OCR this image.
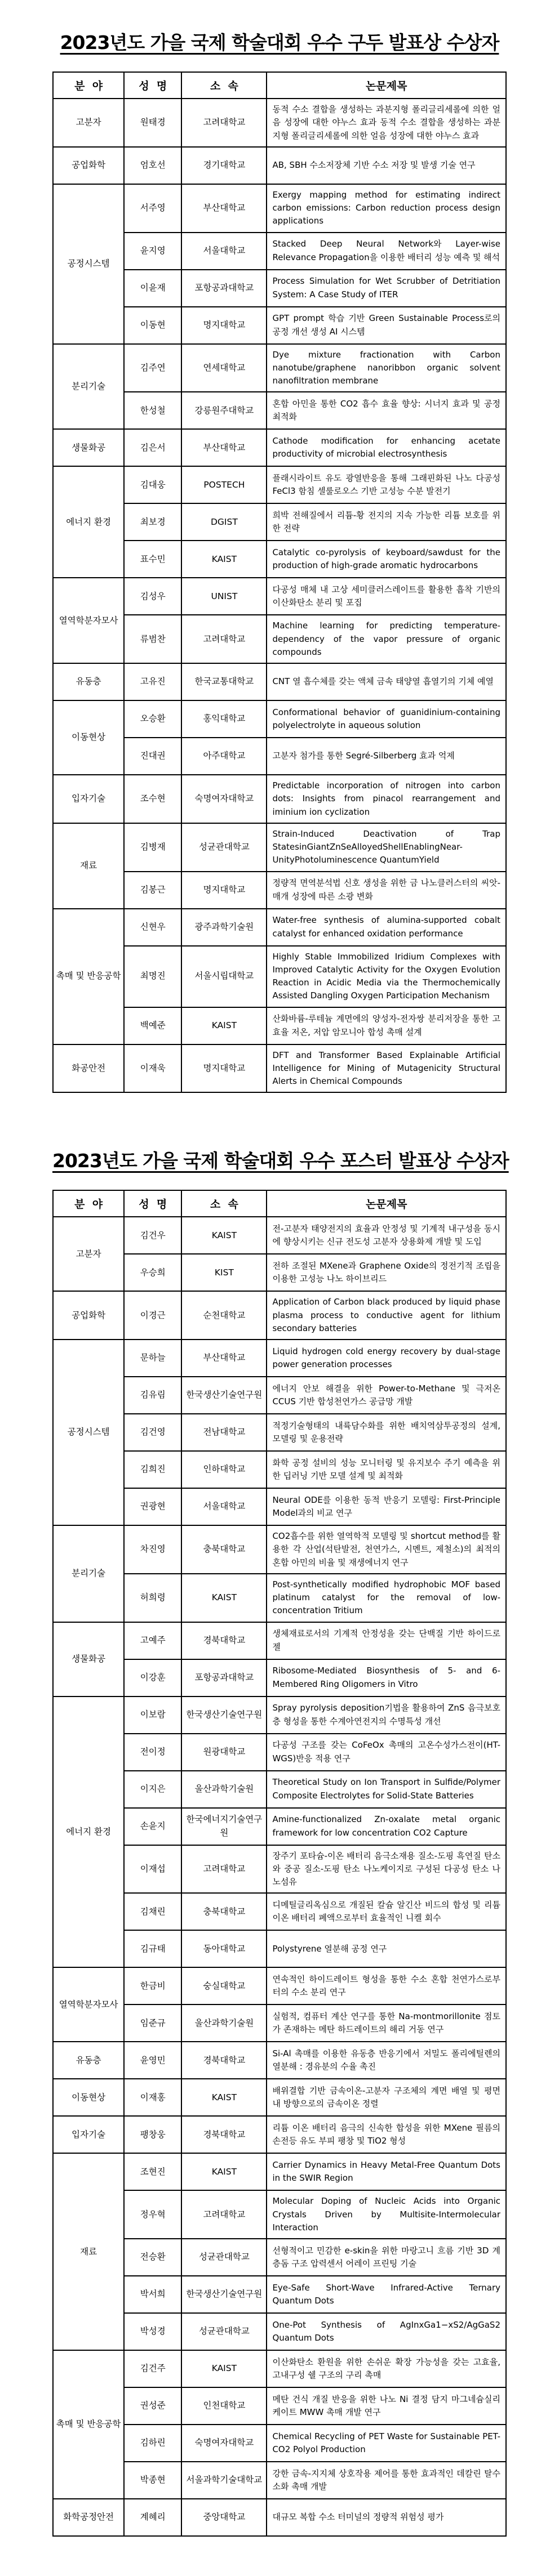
2023년도 가을 국제 학술대회 우수 구두 발표상 수상자
분  야	성  명	소  속	논문제목
고분자	원태경	고려대학교	동적 수소 결합을 생성하는 과분지형 폴리글리세롤에 의한 얼음 성장에 대한 야누스 효과 동적 수소 결합을 생성하는 과분지형 폴리글리세롤에 의한 얼음 성장에 대한 야누스 효과
공업화학	엄호선	경기대학교	AB, SBH 수소저장체 기반 수소 저장 및 발생 기술 연구
공정시스템	서주영	부산대학교	Exergy mapping method for estimating indirect carbon emissions: Carbon reduction process design applications
	윤지영	서울대학교	Stacked Deep Neural Network와 Layer-wise Relevance Propagation을 이용한 배터리 성능 예측 및 해석
	이윤재	포항공과대학교	Process Simulation for Wet Scrubber of Detritiation System: A Case Study of ITER
	이동현	명지대학교	GPT prompt 학습 기반 Green Sustainable Process로의 공정 개선 생성 AI 시스템
분리기술	김주연	연세대학교	Dye mixture fractionation with Carbon nanotube/graphene nanoribbon organic solvent nanofiltration membrane
	한성철	강릉원주대학교	혼합 아민을 통한 CO2 흡수 효율 향상: 시너지 효과 및 공정 최적화
생물화공	김은서	부산대학교	Cathode modification for enhancing acetate productivity of microbial electrosynthesis
에너지 환경	김대웅	POSTECH	플래시라이트 유도 광열반응을 통해 그래핀화된 나노 다공성 FeCl3 함침 셀룰로오스 기반 고성능 수분 발전기
	최보경	DGIST	희박 전해질에서 리튬-황 전지의 지속 가능한 리튬 보호를 위한 전략
	표수민	KAIST	Catalytic co-pyrolysis of keyboard/sawdust for the production of high-grade aromatic hydrocarbons
열역학분자모사	김성우	UNIST	다공성 매체 내 고상 세미클러스레이트를 활용한 흡착 기반의 이산화탄소 분리 및 포집
	류범찬	고려대학교	Machine learning for predicting temperature-dependency of the vapor pressure of organic compounds
유동층	고유진	한국교통대학교	CNT 열 흡수체를 갖는 액체 금속 태양열 흡열기의 기체 예열
이동현상	오승환	홍익대학교	Conformational behavior of guanidinium-containing polyelectrolyte in aqueous solution
	진대권	아주대학교	고분자 첨가를 통한 Segré-Silberberg 효과 억제
입자기술	조수현	숙명여자대학교	Predictable incorporation of nitrogen into carbon dots: Insights from pinacol rearrangement and iminium ion cyclization
재료	김병재	성균관대학교	Strain-Induced Deactivation of Trap StatesinGiantZnSeAlloyedShellEnablingNear-UnityPhotoluminescence QuantumYield
	김봉근	명지대학교	정량적 면역분석법 신호 생성을 위한 금 나노클러스터의 씨앗-매개 성장에 따른 소광 변화
촉매 및 반응공학	신현우	광주과학기술원	Water-free synthesis of alumina-supported cobalt catalyst for enhanced oxidation performance
	최명진	서울시립대학교	Highly Stable Immobilized Iridium Complexes with Improved Catalytic Activity for the Oxygen Evolution Reaction in Acidic Media via the Thermochemically Assisted Dangling Oxygen Participation Mechanism
	백예준	KAIST	산화바륨-루테늄 계면에의 양성자-전자쌍 분리저장을 통한 고효율 저온, 저압 암모니아 합성 촉매 설계
화공안전	이재욱	명지대학교	DFT and Transformer Based Explainable Artificial Intelligence for Mining of Mutagenicity Structural Alerts in Chemical Compounds
2023년도 가을 국제 학술대회 우수 포스터 발표상 수상자
분  야	성  명	소  속	논문제목
고분자	김건우	KAIST	전-고분자 태양전지의 효율과 안정성 및 기계적 내구성을 동시에 향상시키는 신규 전도성 고분자 상용화제 개발 및 도입
	우승희	KIST	전하 조절된 MXene과 Graphene Oxide의 정전기적 조립을 이용한 고성능 나노 하이브리드
공업화학	이경근	순천대학교	Application of Carbon black produced by liquid phase plasma process to conductive agent for lithium secondary batteries
공정시스템	문하늘	부산대학교	Liquid hydrogen cold energy recovery by dual-stage power generation processes
	김유림	한국생산기술연구원	에너지 안보 해결을 위한 Power-to-Methane 및 극저온 CCUS 기반 합성천연가스 공급망 개발
	김건영	전남대학교	적정기술형태의 내륙담수화를 위한 배치역삼투공정의 설계, 모델링 및 운용전략
	김희진	인하대학교	화학 공정 설비의 성능 모니터링 및 유지보수 주기 예측을 위한 딥러닝 기반 모델 설계 및 최적화
	권광현	서울대학교	Neural ODE를 이용한 동적 반응기 모델링: First-Principle Model과의 비교 연구
분리기술	차진영	충북대학교	CO2흡수를 위한 열역학적 모델링 및 shortcut method를 활용한 각 산업(석탄발전, 천연가스, 시멘트, 제철소)의 최적의 혼합 아민의 비율 및 재생에너지 연구
	허희령	KAIST	Post-synthetically modified hydrophobic MOF based platinum catalyst for the removal of low-concentration Tritium
생물화공	고예주	경북대학교	생체재료로서의 기계적 안정성을 갖는 단백질 기반 하이드로젤
	이강훈	포항공과대학교	Ribosome-Mediated Biosynthesis of 5- and 6-Membered Ring Oligomers in Vitro
에너지 환경	이보람	한국생산기술연구원	Spray pyrolysis deposition기법을 활용하여 ZnS 음극보호층 형성을 통한 수계아연전지의 수명특성 개선
	전이정	원광대학교	다공성 구조를 갖는 CoFeOx 촉매의 고온수성가스전이(HT-WGS)반응 적용 연구
	이지은	울산과학기술원	Theoretical Study on Ion Transport in Sulfide/Polymer Composite Electrolytes for Solid-State Batteries
	손윤지	한국에너지기술연구원	Amine-functionalized Zn-oxalate metal organic framework for low concentration CO2 Capture
	이재섭	고려대학교	장주기 포타슘-이온 배터리 음극소재용 질소-도핑 흑연질 탄소와 중공 질소-도핑 탄소 나노케이지로 구성된 다공성 탄소 나노섬유
	김채린	충북대학교	디메틸글리옥심으로 개질된 칼슘 알긴산 비드의 합성 및 리튬 이온 배터리 폐액으로부터 효율적인 니켈 회수
	김규태	동아대학교	Polystyrene 열분해 공정 연구
열역학분자모사	한금비	숭실대학교	연속적인 하이드레이트 형성을 통한 수소 혼합 천연가스로부터의 수소 분리 연구
	임준규	울산과학기술원	실험적, 컴퓨터 계산 연구를 통한 Na-montmorillonite 점토가 존재하는 메탄 하드레이트의 해리 거동 연구
유동층	윤영민	경북대학교	Si-Al 촉매를 이용한 유동층 반응기에서 저밀도 폴리에틸렌의 열분해 : 경유분의 수율 촉진
이동현상	이재홍	KAIST	배위결합 기반 금속이온-고분자 구조체의 계면 배열 및 평면 내 방향으로의 금속이온 정렬
입자기술	팽창웅	경북대학교	리튬 이온 배터리 음극의 신속한 합성을 위한 MXene 필름의 손전등 유도 부피 팽창 및 TiO2 형성
재료	조현진	KAIST	Carrier Dynamics in Heavy Metal-Free Quantum Dots in the SWIR Region
	정우혁	고려대학교	Molecular Doping of Nucleic Acids into Organic Crystals Driven by Multisite-Intermolecular Interaction
	전승환	성균관대학교	선형적이고 민감한 e-skin을 위한 마랑고니 흐름 기반 3D 계층돔 구조 압력센서 어레이 프린팅 기술
	박서희	한국생산기술연구원	Eye-Safe Short-Wave Infrared-Active Ternary Quantum Dots
	박성경	성균관대학교	One-Pot Synthesis of AgInxGa1−xS2/AgGaS2 Quantum Dots
촉매 및 반응공학	김건주	KAIST	이산화탄소 환원을 위한 손쉬운 확장 가능성을 갖는 고효율, 고내구성 쉘 구조의 구리 촉매
	권성준	인천대학교	메탄 건식 개질 반응을 위한 나노 Ni 결정 담지 마그네슘실리케이트 MWW 촉매 개발 연구
	김하린	숙명여자대학교	Chemical Recycling of PET Waste for Sustainable PET-CO2 Polyol Production
	박종현	서울과학기술대학교	강한 금속-지지체 상호작용 제어를 통한 효과적인 데칼린 탈수소화 촉매 개발
화학공정안전	계혜리	중앙대학교	대규모 복합 수소 터미널의 정량적 위험성 평가
